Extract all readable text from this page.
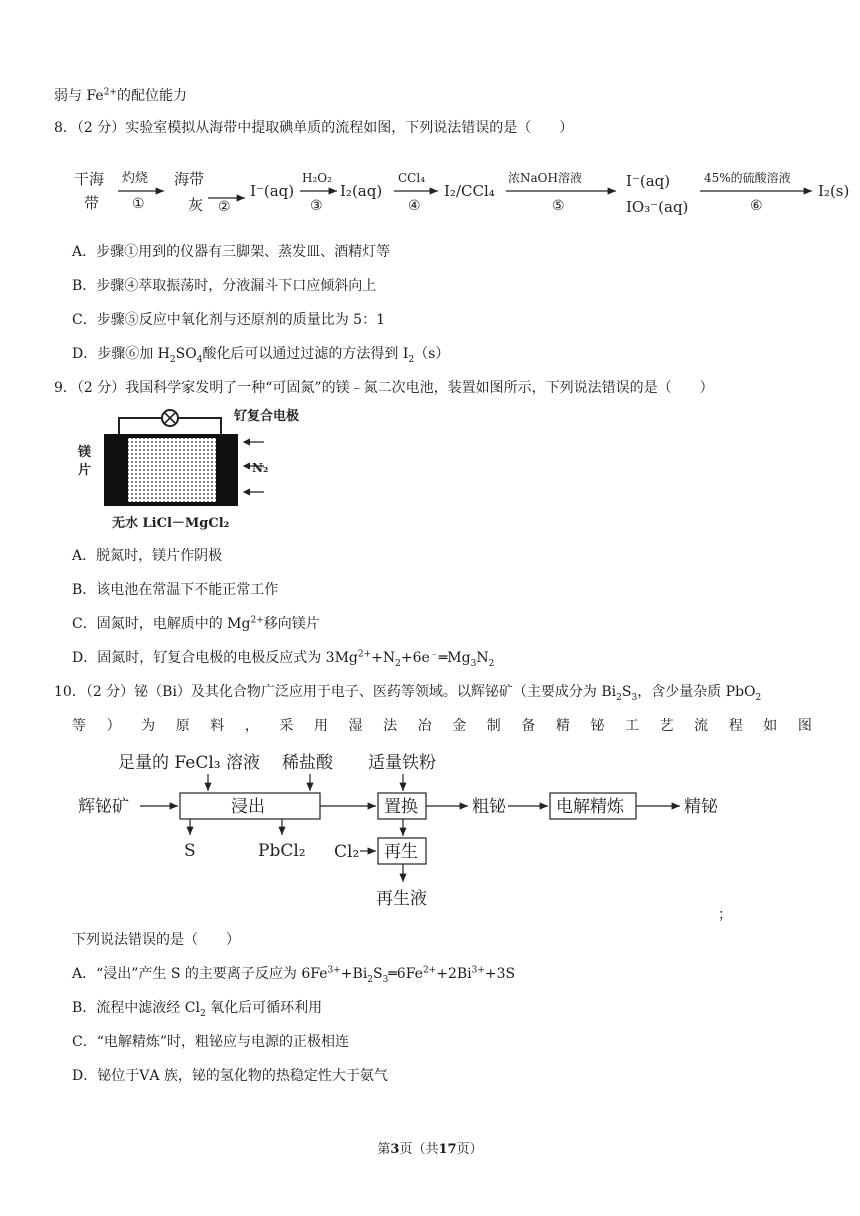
弱与 $Fe^{2+}$的配位能力
8．（2 分）实验室模拟从海带中提取碘单质的流程如图，下列说法错误的是（　　）
干海
带
灼烧
①
海带
灰 ②
I⁻(aq)
H₂O₂
③
I₂(aq)
CCl₄
④
I₂/CCl₄
浓NaOH溶液
⑤
I⁻(aq)
IO₃⁻(aq)
45%的硫酸溶液
⑥
I₂(s)
A．步骤①用到的仪器有三脚架、蒸发皿、酒精灯等
B．步骤④萃取振荡时，分液漏斗下口应倾斜向上
C．步骤⑤反应中氧化剂与还原剂的质量比为 5：1
D．步骤⑥加 $H_2SO_4$酸化后可以通过过滤的方法得到 $I_2(s)$
9．（2 分）我国科学家发明了一种“可固氮”的镁﹣氮二次电池，装置如图所示，下列说法错误的是（　　）
钌复合电极
镁
片	N₂
无水 LiCl－MgCl₂
A．脱氮时，镁片作阴极
B．该电池在常温下不能正常工作
C．固氮时，电解质中的 $Mg^{2+}$移向镁片
D．固氮时，钌复合电极的电极反应式为 $3Mg^{2+}+N_2+6e^﹣═Mg_3N_2$
10．（2 分）铋（Bi）及其化合物广泛应用于电子、医药等领域。以辉铋矿（主要成分为 $Bi_2S_3$，含少量杂质 PbO$_2$
等 ） 为 原 料 ， 采 用 湿 法 冶 金 制 备 精 铋 工 艺 流 程 如 图
足量的 FeCl₃ 溶液 稀盐酸 适量铁粉
辉铋矿	浸出	置换	粗铋	电解精炼	精铋
S	PbCl₂	再生
Cl₂
再生液
；
下列说法错误的是（　　）
A．“浸出”产生 S 的主要离子反应为 $6Fe^{3+}+Bi_2S_3═6Fe^{2+}+2Bi^{3+}+3S$
B．流程中滤液经 $Cl_2$ 氧化后可循环利用
C．“电解精炼”时，粗铋应与电源的正极相连
D．铋位于ⅤA 族，铋的氢化物的热稳定性大于氨气
第3页（共17页）
